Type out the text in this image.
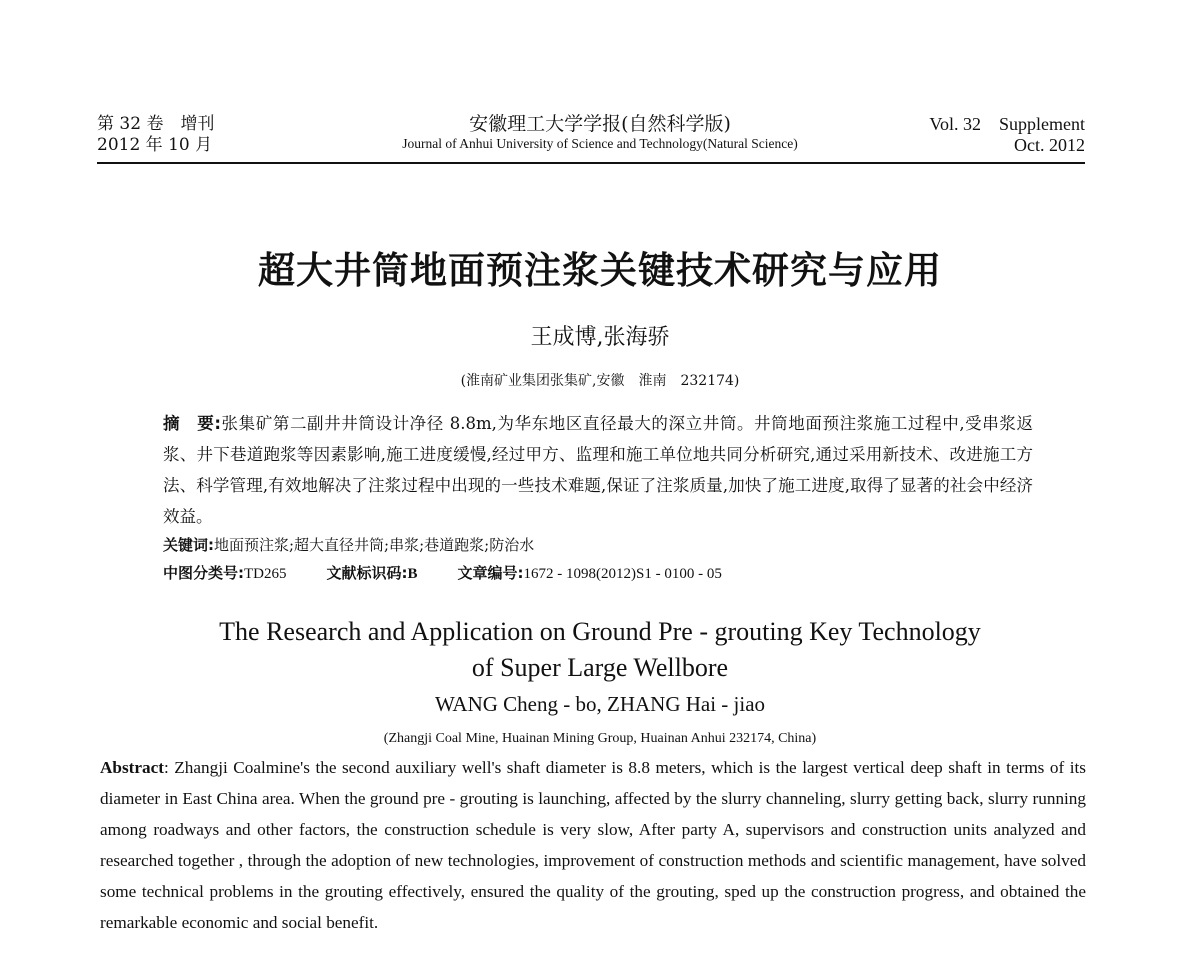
第 32 卷　增刊
2012 年 10 月
安徽理工大学学报(自然科学版)
Journal of Anhui University of Science and Technology(Natural Science)
Vol. 32 Supplement
Oct. 2012
超大井筒地面预注浆关键技术研究与应用
王成博,张海骄
(淮南矿业集团张集矿,安徽　淮南　232174)

摘　要:张集矿第二副井井筒设计净径 8.8m,为华东地区直径最大的深立井筒。井筒地面预注浆施工过程中,受串浆返浆、井下巷道跑浆等因素影响,施工进度缓慢,经过甲方、监理和施工单位地共同分析研究,通过采用新技术、改进施工方法、科学管理,有效地解决了注浆过程中出现的一些技术难题,保证了注浆质量,加快了施工进度,取得了显著的社会中经济效益。

关键词:地面预注浆;超大直径井筒;串浆;巷道跑浆;防治水

中图分类号:TD265	文献标识码:B	文章编号:1672 - 1098(2012)S1 - 0100 - 05

The Research and Application on Ground Pre - grouting Key Technology
of Super Large Wellbore
WANG Cheng - bo, ZHANG Hai - jiao
(Zhangji Coal Mine, Huainan Mining Group, Huainan Anhui 232174, China)

Abstract: Zhangji Coalmine's the second auxiliary well's shaft diameter is 8.8 meters, which is the largest vertical deep shaft in terms of its diameter in East China area. When the ground pre - grouting is launching, affected by the slurry channeling, slurry getting back, slurry running among roadways and other factors, the construction schedule is very slow, After party A, supervisors and construction units analyzed and researched together , through the adoption of new technologies, improvement of construction methods and scientific management, have solved some technical problems in the grouting effectively, ensured the quality of the grouting, sped up the construction progress, and obtained the remarkable economic and social benefit.
